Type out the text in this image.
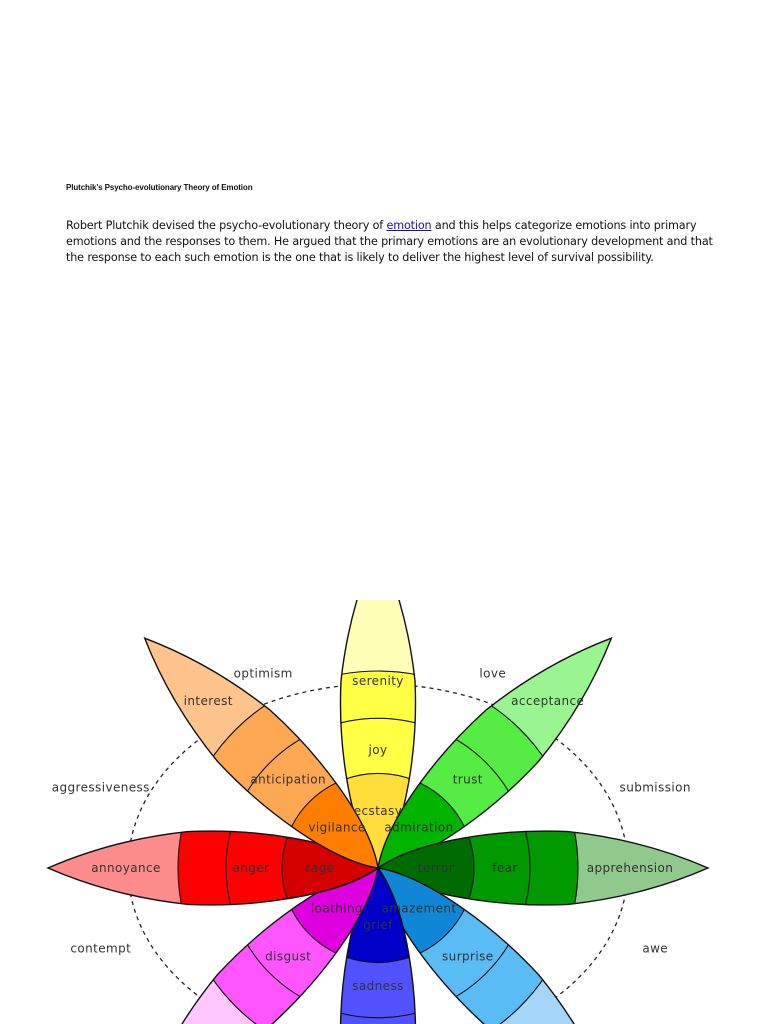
Plutchik’s Psycho-evolutionary Theory of Emotion

Robert Plutchik devised the psycho-evolutionary theory of emotion and this helps categorize emotions into primary emotions and the responses to them. He argued that the primary emotions are an evolutionary development and that the response to each such emotion is the one that is likely to deliver the highest level of survival possibility.

ecstasy
joy
serenity
admiration
trust
acceptance
terror	fear	apprehension
amazement
surprise
grief
sadness
loathing
disgust
rage
anger
annoyance
vigilance
anticipation
interest
love
submission
awe
contempt
aggressiveness
optimism
